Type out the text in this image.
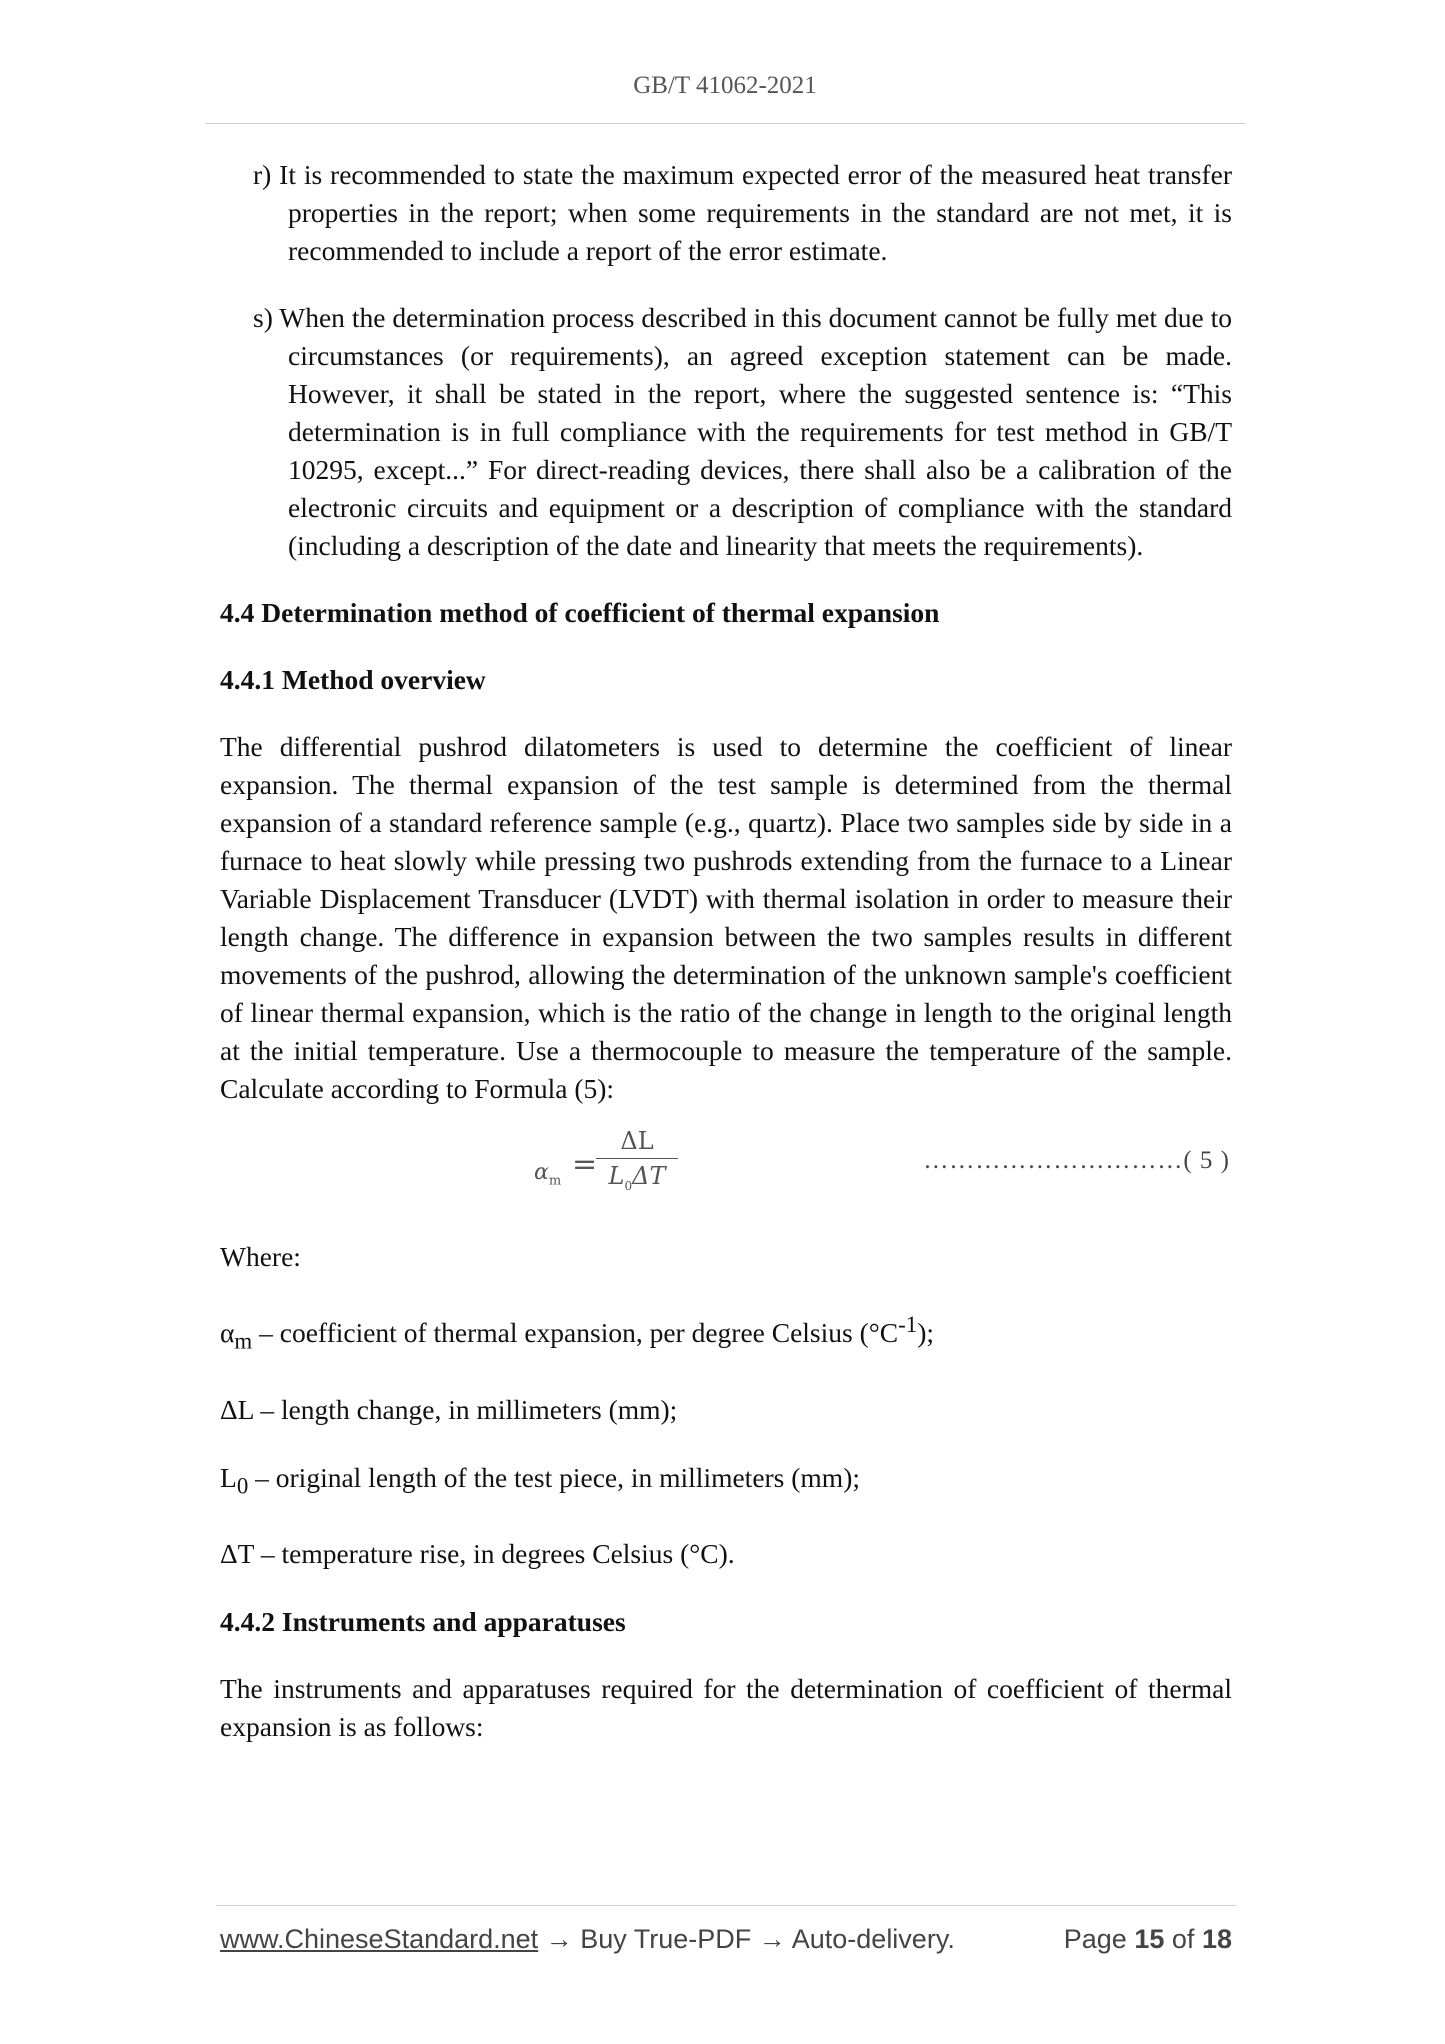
GB/T 41062-2021

r) It is recommended to state the maximum expected error of the measured heat transfer properties in the report; when some requirements in the standard are not met, it is recommended to include a report of the error estimate.

s) When the determination process described in this document cannot be fully met due to circumstances (or requirements), an agreed exception statement can be made. However, it shall be stated in the report, where the suggested sentence is: “This determination is in full compliance with the requirements for test method in GB/T 10295, except...” For direct-reading devices, there shall also be a calibration of the electronic circuits and equipment or a description of compliance with the standard (including a description of the date and linearity that meets the requirements).

4.4 Determination method of coefficient of thermal expansion

4.4.1 Method overview

The differential pushrod dilatometers is used to determine the coefficient of linear expansion. The thermal expansion of the test sample is determined from the thermal expansion of a standard reference sample (e.g., quartz). Place two samples side by side in a furnace to heat slowly while pressing two pushrods extending from the furnace to a Linear Variable Displacement Transducer (LVDT) with thermal isolation in order to measure their length change. The difference in expansion between the two samples results in different movements of the pushrod, allowing the determination of the unknown sample's coefficient of linear thermal expansion, which is the ratio of the change in length to the original length at the initial temperature. Use a thermocouple to measure the temperature of the sample. Calculate according to Formula (5):

$\alpha_m$ =
ΔL
$L_0\Delta T$
…………………………( 5 )

Where:

$\alpha_m$ – coefficient of thermal expansion, per degree Celsius $(^\circ C^{-1})$;

ΔL – length change, in millimeters (mm);

$L_0$ – original length of the test piece, in millimeters (mm);

ΔT – temperature rise, in degrees Celsius (°C).

4.4.2 Instruments and apparatuses

The instruments and apparatuses required for the determination of coefficient of thermal expansion is as follows:

www.ChineseStandard.net → Buy True-PDF → Auto-delivery.	Page 15 of 18
